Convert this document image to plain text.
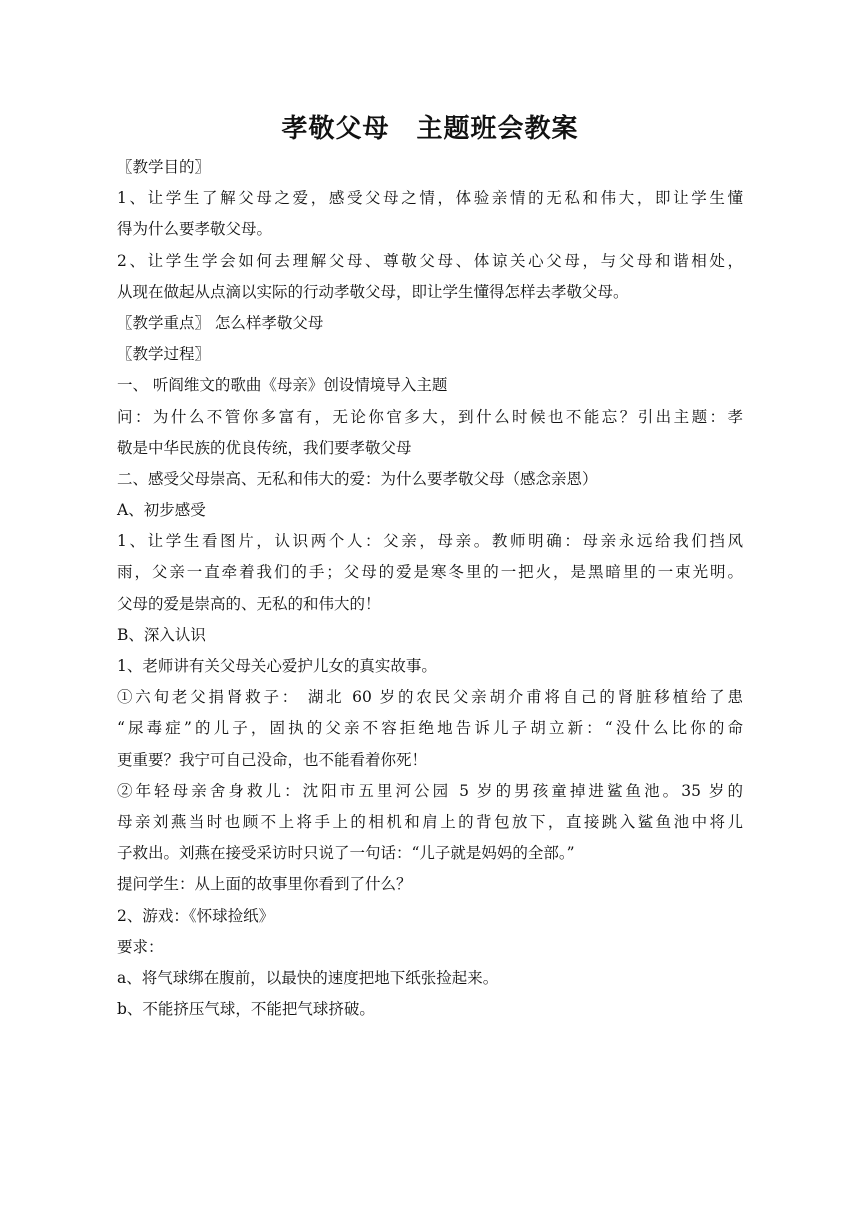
孝敬父母　主题班会教案
〖教学目的〗
1、让学生了解父母之爱，感受父母之情，体验亲情的无私和伟大，即让学生懂
得为什么要孝敬父母。
2、让学生学会如何去理解父母、尊敬父母、体谅关心父母，与父母和谐相处，
从现在做起从点滴以实际的行动孝敬父母，即让学生懂得怎样去孝敬父母。
〖教学重点〗 怎么样孝敬父母
〖教学过程〗
一、 听阎维文的歌曲《母亲》创设情境导入主题
问：为什么不管你多富有，无论你官多大，到什么时候也不能忘？引出主题：孝
敬是中华民族的优良传统，我们要孝敬父母
二、感受父母崇高、无私和伟大的爱：为什么要孝敬父母（感念亲恩）
A、初步感受
1、让学生看图片，认识两个人：父亲，母亲。教师明确：母亲永远给我们挡风
雨，父亲一直牵着我们的手；父母的爱是寒冬里的一把火，是黑暗里的一束光明。
父母的爱是崇高的、无私的和伟大的！
B、深入认识
1、老师讲有关父母关心爱护儿女的真实故事。
①六旬老父捐肾救子： 湖北 60 岁的农民父亲胡介甫将自己的肾脏移植给了患
“尿毒症”的儿子，固执的父亲不容拒绝地告诉儿子胡立新：“没什么比你的命
更重要？我宁可自己没命，也不能看着你死！
②年轻母亲舍身救儿：沈阳市五里河公园 5 岁的男孩童掉进鲨鱼池。35 岁的
母亲刘燕当时也顾不上将手上的相机和肩上的背包放下，直接跳入鲨鱼池中将儿
子救出。刘燕在接受采访时只说了一句话：“儿子就是妈妈的全部。”
提问学生：从上面的故事里你看到了什么？
2、游戏：《怀球捡纸》
要求：
a、将气球绑在腹前，以最快的速度把地下纸张捡起来。
b、不能挤压气球，不能把气球挤破。
